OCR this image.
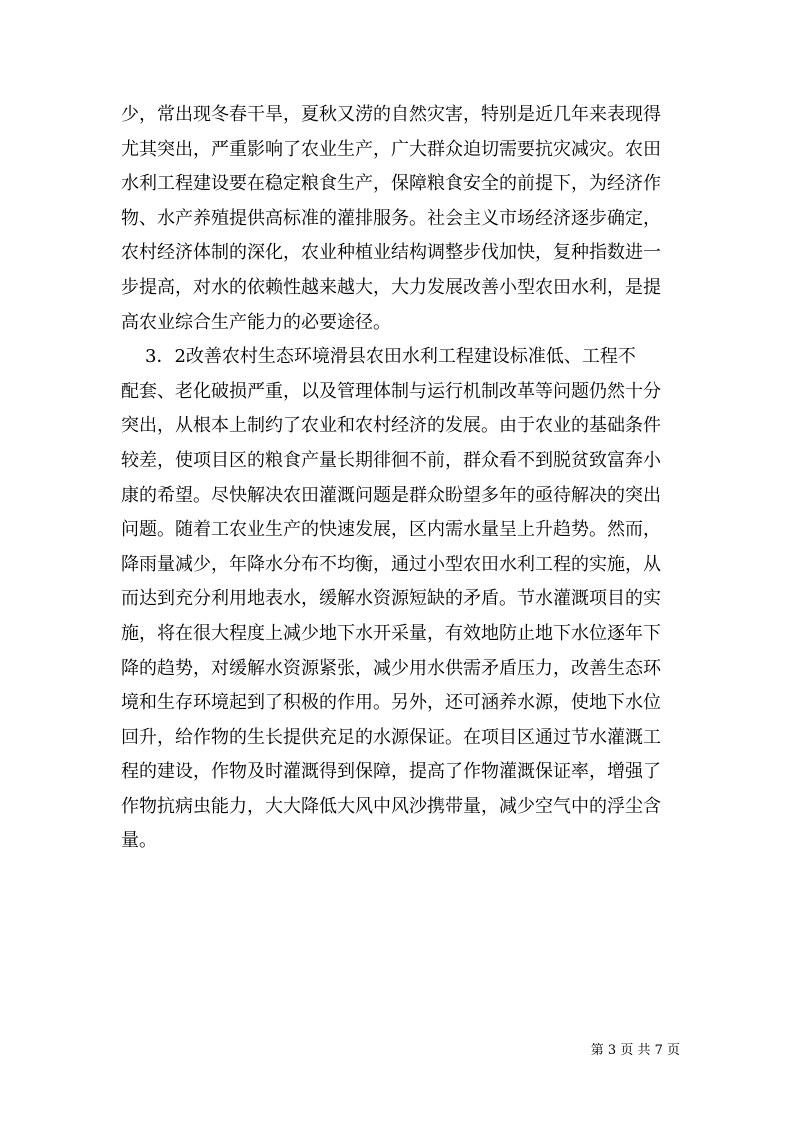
少，常出现冬春干旱，夏秋又涝的自然灾害，特别是近几年来表现得
尤其突出，严重影响了农业生产，广大群众迫切需要抗灾减灾。农田
水利工程建设要在稳定粮食生产，保障粮食安全的前提下，为经济作
物、水产养殖提供高标准的灌排服务。社会主义市场经济逐步确定，
农村经济体制的深化，农业种植业结构调整步伐加快，复种指数进一
步提高，对水的依赖性越来越大，大力发展改善小型农田水利，是提
高农业综合生产能力的必要途径。
3．2改善农村生态环境滑县农田水利工程建设标准低、工程不
配套、老化破损严重，以及管理体制与运行机制改革等问题仍然十分
突出，从根本上制约了农业和农村经济的发展。由于农业的基础条件
较差，使项目区的粮食产量长期徘徊不前，群众看不到脱贫致富奔小
康的希望。尽快解决农田灌溉问题是群众盼望多年的亟待解决的突出
问题。随着工农业生产的快速发展，区内需水量呈上升趋势。然而，
降雨量减少，年降水分布不均衡，通过小型农田水利工程的实施，从
而达到充分利用地表水，缓解水资源短缺的矛盾。节水灌溉项目的实
施，将在很大程度上减少地下水开采量，有效地防止地下水位逐年下
降的趋势，对缓解水资源紧张，减少用水供需矛盾压力，改善生态环
境和生存环境起到了积极的作用。另外，还可涵养水源，使地下水位
回升，给作物的生长提供充足的水源保证。在项目区通过节水灌溉工
程的建设，作物及时灌溉得到保障，提高了作物灌溉保证率，增强了
作物抗病虫能力，大大降低大风中风沙携带量，减少空气中的浮尘含
量。
第 3 页 共 7 页
